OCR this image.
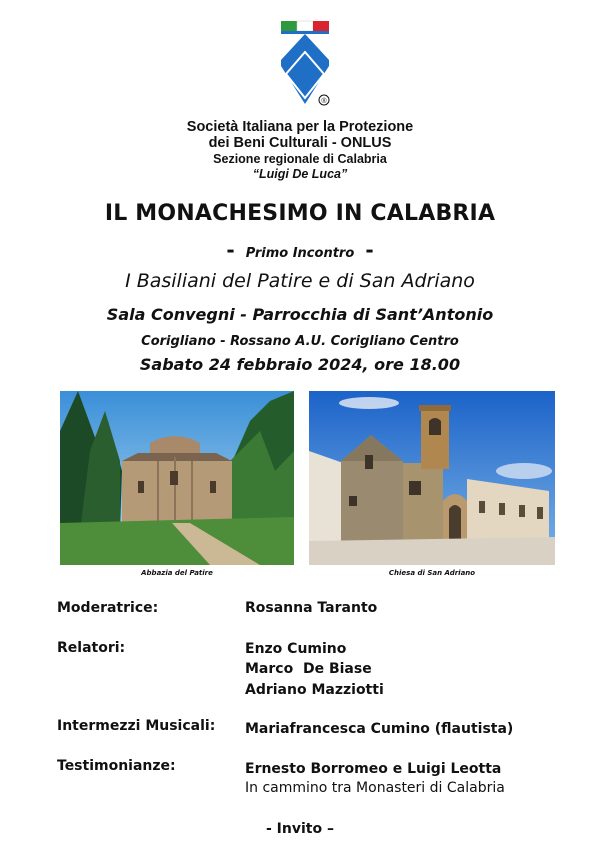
®
Società Italiana per la Protezione
dei Beni Culturali - ONLUS
Sezione regionale di Calabria
“Luigi De Luca”
IL MONACHESIMO IN CALABRIA
- Primo Incontro -
I Basiliani del Patire e di San Adriano
Sala Convegni - Parrocchia di Sant’Antonio
Corigliano - Rossano A.U. Corigliano Centro
Sabato 24 febbraio 2024, ore 18.00
Abbazia del Patire	Chiesa di San Adriano
Moderatrice:	Rosanna Taranto
Relatori:	Enzo Cumino
Marco  De Biase
Adriano Mazziotti
Intermezzi Musicali: Mariafrancesca Cumino (flautista)
Testimonianze:	Ernesto Borromeo e Luigi Leotta
In cammino tra Monasteri di Calabria
- Invito –
